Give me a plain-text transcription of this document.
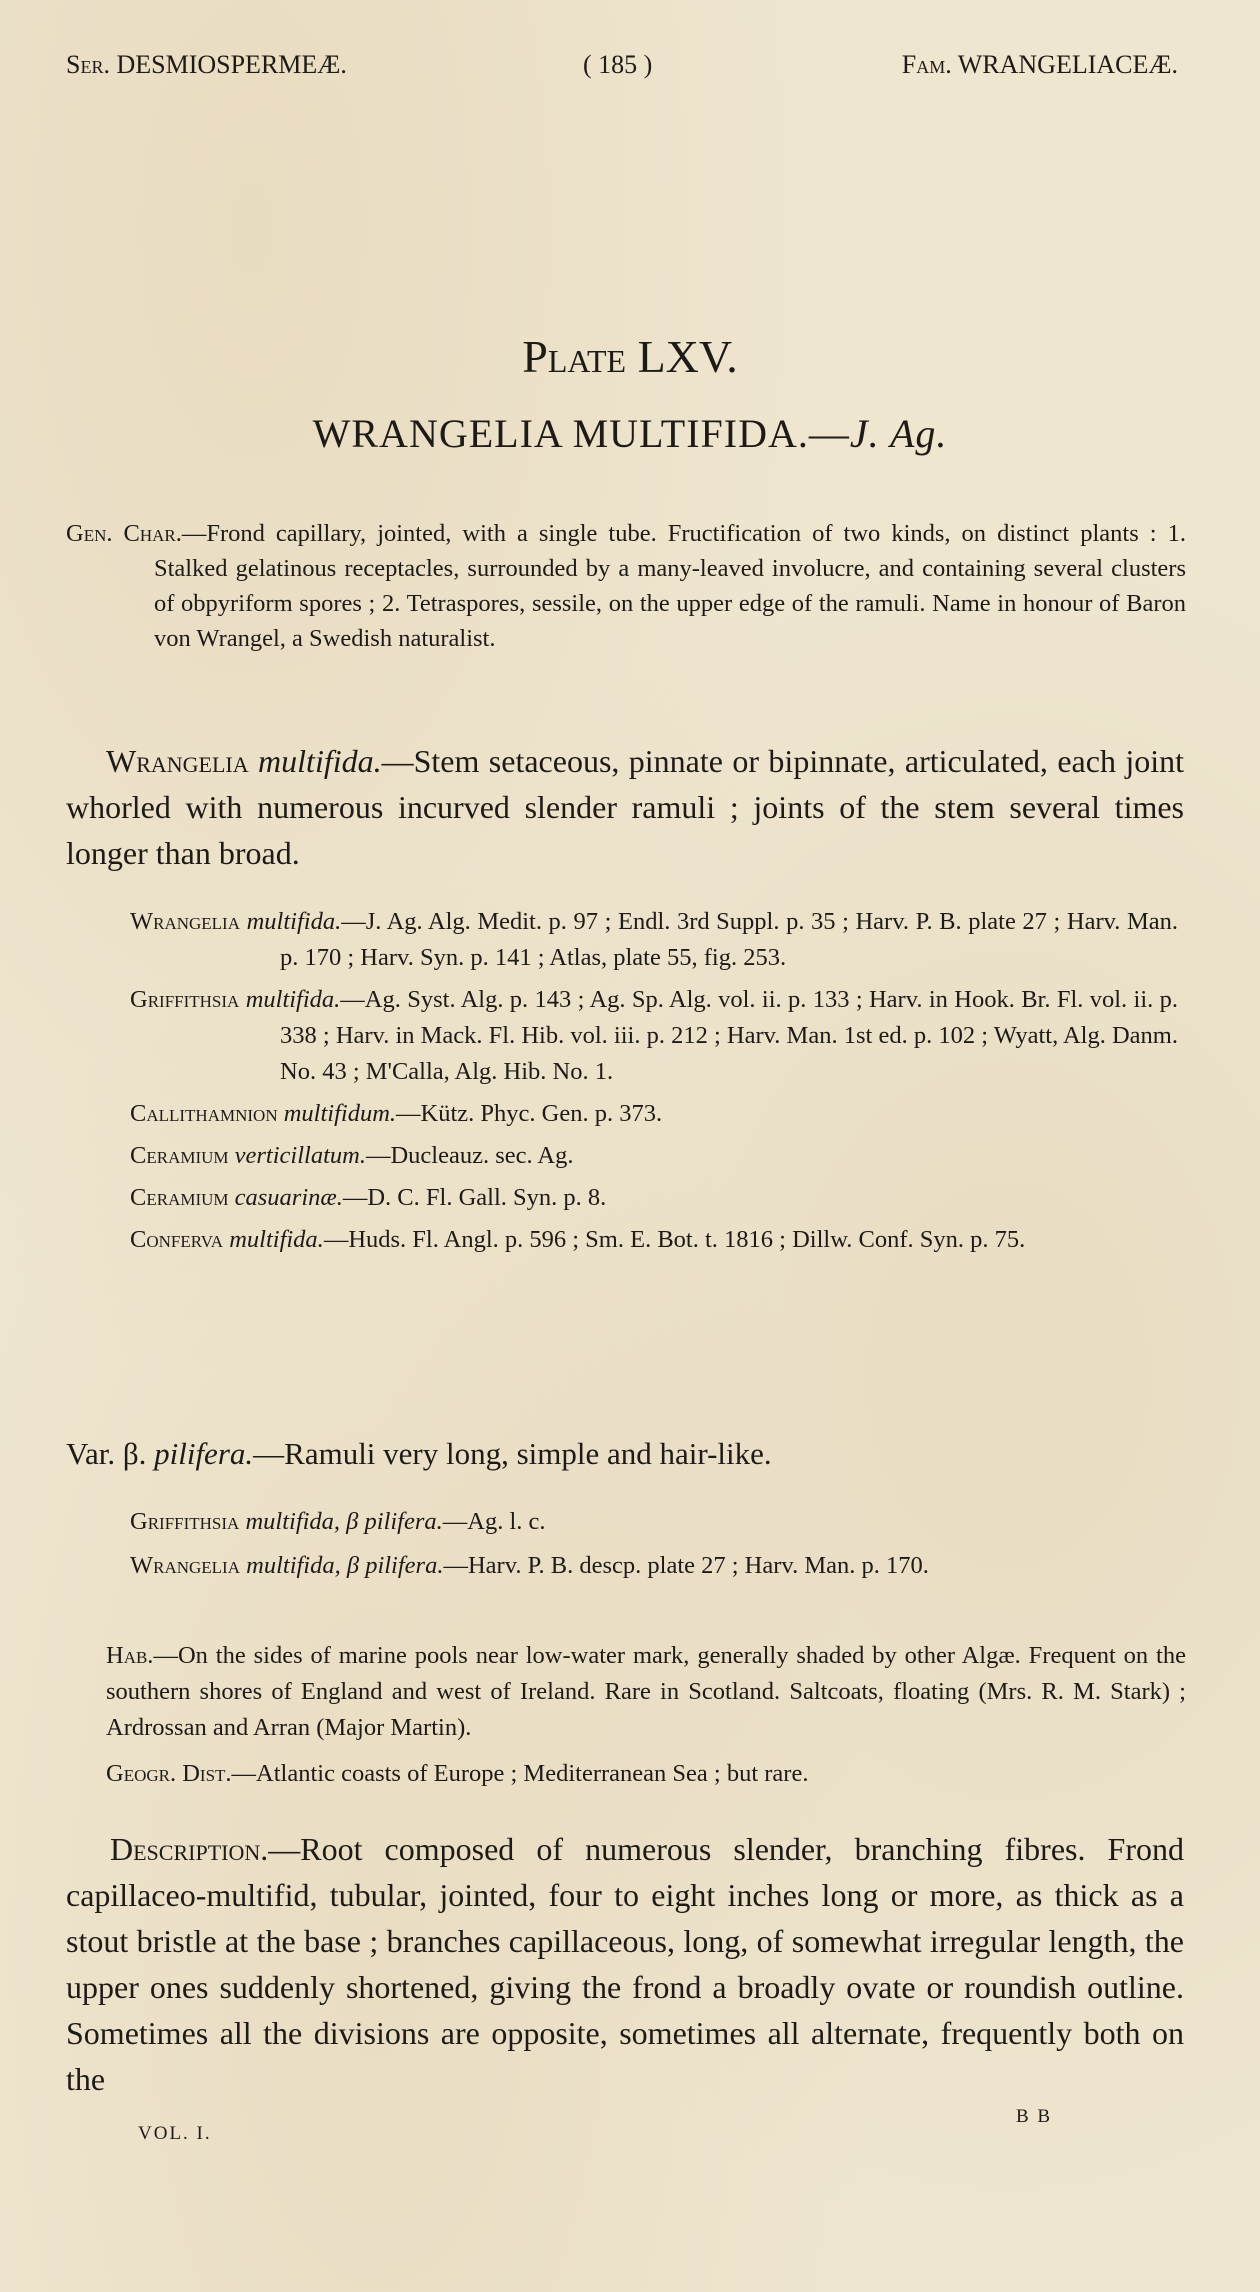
Ser. DESMIOSPERMEÆ.	( 185 )	Fam. WRANGELIACEÆ.
Plate LXV.
WRANGELIA MULTIFIDA.—J. Ag.
Gen. Char.—Frond capillary, jointed, with a single tube. Fructification of two kinds, on distinct plants : 1. Stalked gelatinous receptacles, surrounded by a many-leaved involucre, and containing several clusters of obpyriform spores ; 2. Tetraspores, sessile, on the upper edge of the ramuli. Name in honour of Baron von Wrangel, a Swedish naturalist.
Wrangelia multifida.—Stem setaceous, pinnate or bipinnate, articulated, each joint whorled with numerous incurved slender ramuli ; joints of the stem several times longer than broad.
Wrangelia multifida.—J. Ag. Alg. Medit. p. 97 ; Endl. 3rd Suppl. p. 35 ; Harv. P. B. plate 27 ; Harv. Man. p. 170 ; Harv. Syn. p. 141 ; Atlas, plate 55, fig. 253.
Griffithsia multifida.—Ag. Syst. Alg. p. 143 ; Ag. Sp. Alg. vol. ii. p. 133 ; Harv. in Hook. Br. Fl. vol. ii. p. 338 ; Harv. in Mack. Fl. Hib. vol. iii. p. 212 ; Harv. Man. 1st ed. p. 102 ; Wyatt, Alg. Danm. No. 43 ; M'Calla, Alg. Hib. No. 1.
Callithamnion multifidum.—Kütz. Phyc. Gen. p. 373.
Ceramium verticillatum.—Ducleauz. sec. Ag.
Ceramium casuarinæ.—D. C. Fl. Gall. Syn. p. 8.
Conferva multifida.—Huds. Fl. Angl. p. 596 ; Sm. E. Bot. t. 1816 ; Dillw. Conf. Syn. p. 75.
Var. β. pilifera.—Ramuli very long, simple and hair-like.
Griffithsia multifida, β pilifera.—Ag. l. c.
Wrangelia multifida, β pilifera.—Harv. P. B. descp. plate 27 ; Harv. Man. p. 170.
Hab.—On the sides of marine pools near low-water mark, generally shaded by other Algæ. Frequent on the southern shores of England and west of Ireland. Rare in Scotland. Saltcoats, floating (Mrs. R. M. Stark) ; Ardrossan and Arran (Major Martin).
Geogr. Dist.—Atlantic coasts of Europe ; Mediterranean Sea ; but rare.
Description.—Root composed of numerous slender, branching fibres. Frond capillaceo-multifid, tubular, jointed, four to eight inches long or more, as thick as a stout bristle at the base ; branches capillaceous, long, of somewhat irregular length, the upper ones suddenly shortened, giving the frond a broadly ovate or roundish outline. Sometimes all the divisions are opposite, sometimes all alternate, frequently both on the
VOL. I.
B B
